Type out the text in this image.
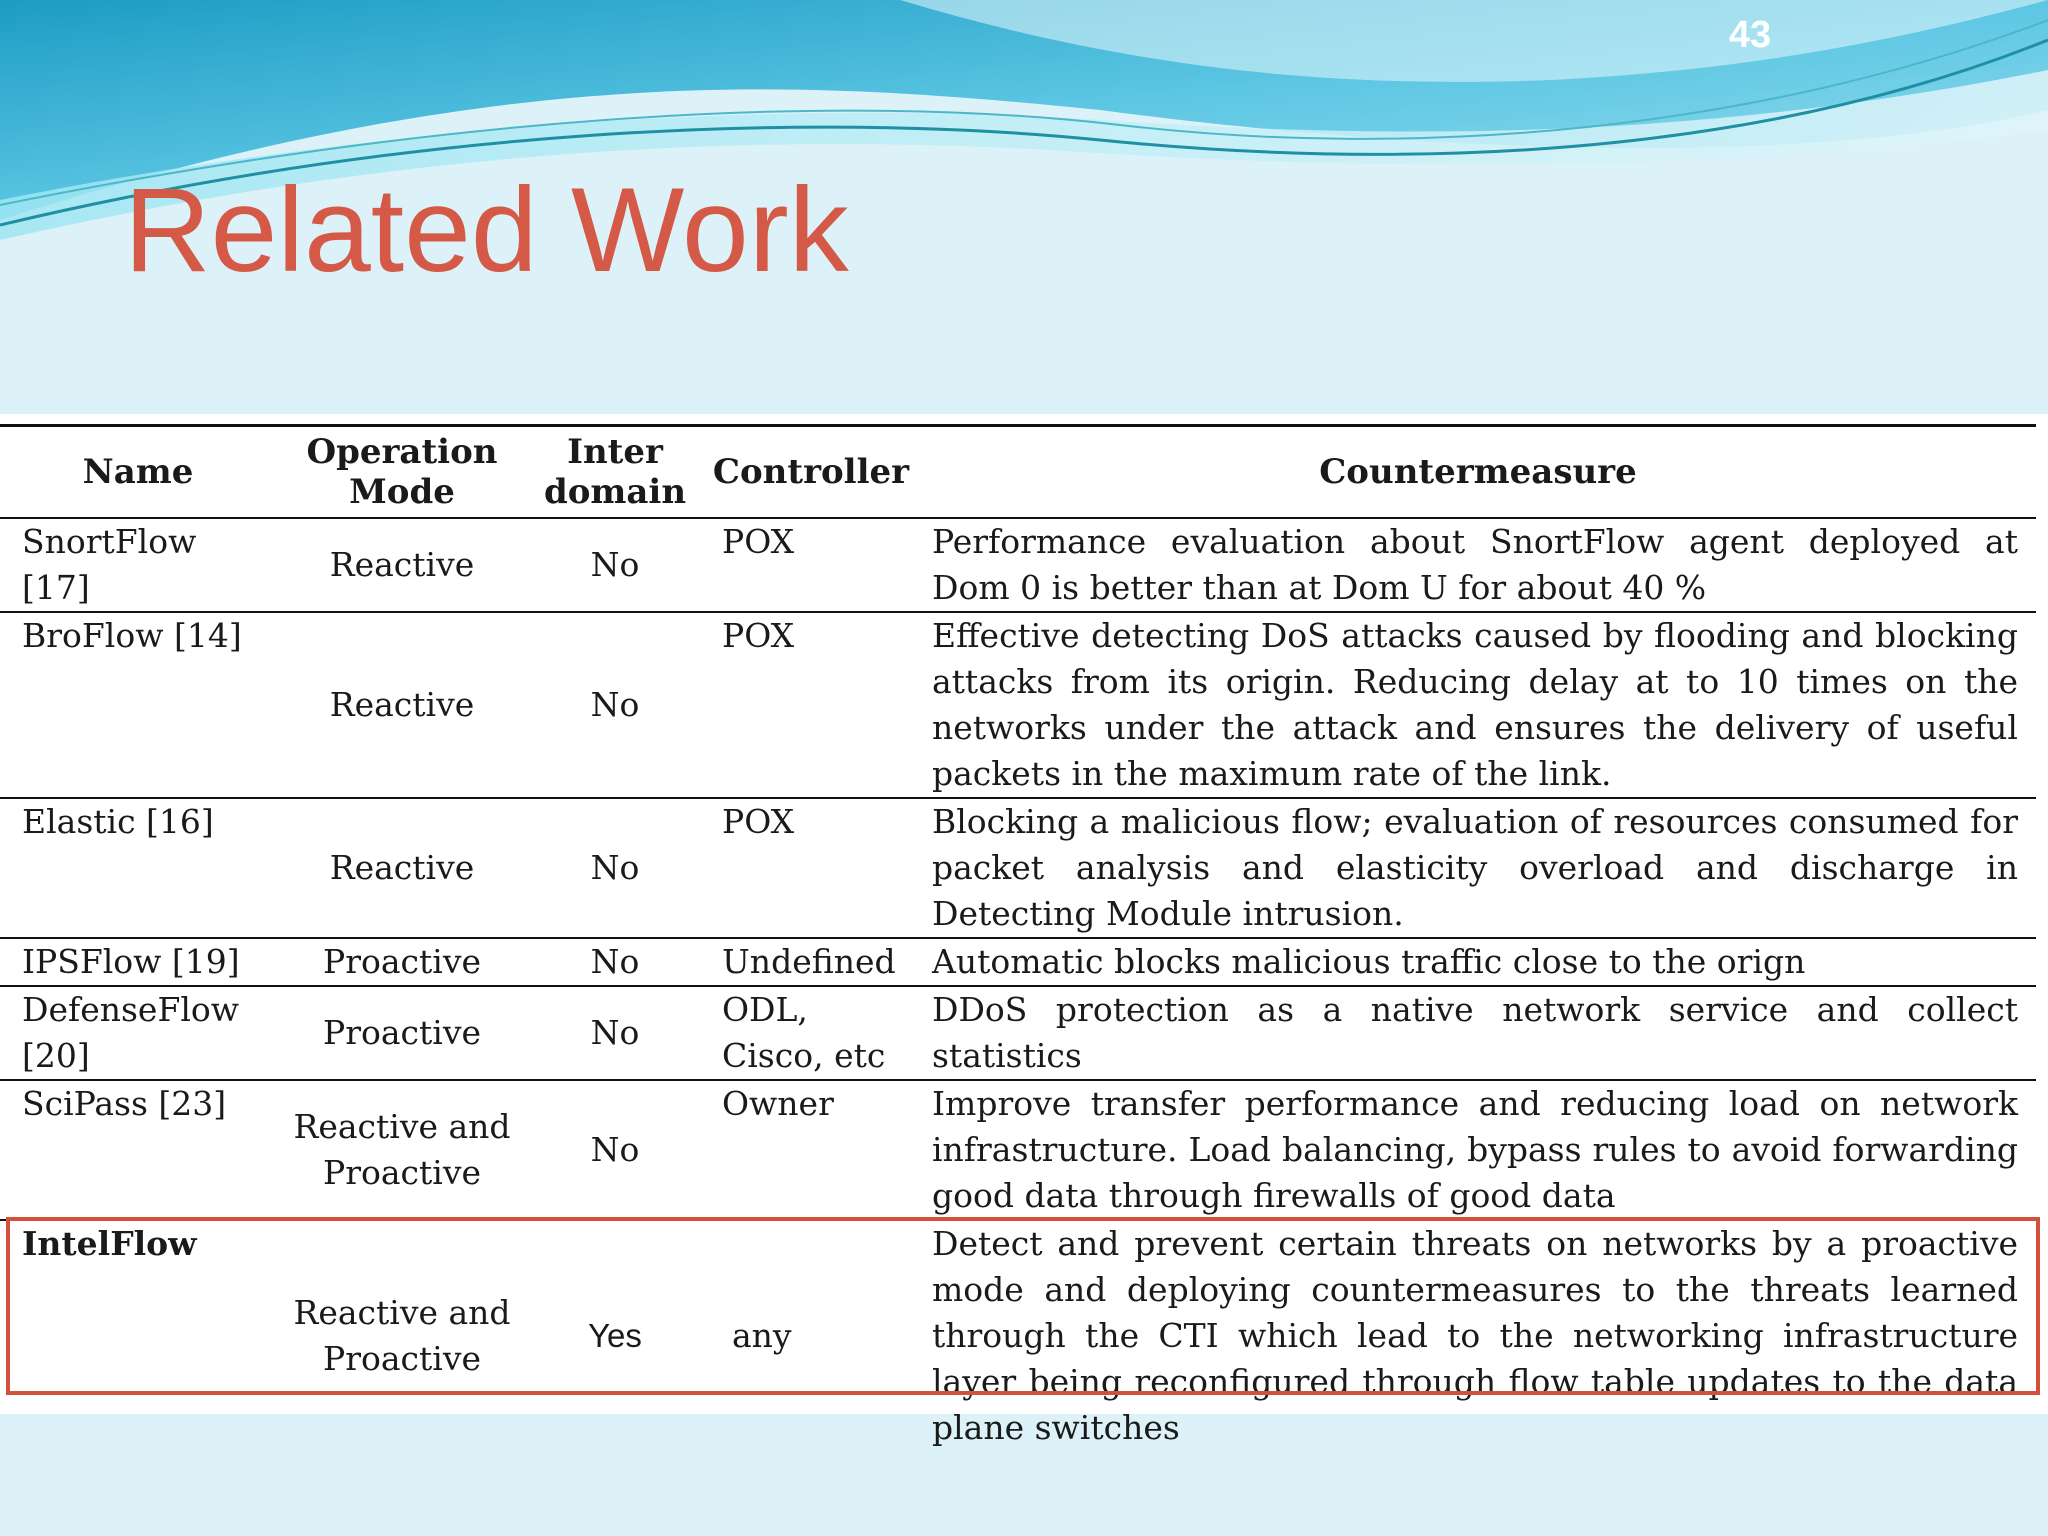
43
Related Work
Name	Operation Mode	Inter domain	Controller	Countermeasure
SnortFlow [17]	Reactive	No	POX	Performance evaluation about SnortFlow agent deployed at Dom 0 is better than at Dom U for about 40 %
BroFlow [14]	Reactive	No	POX	Effective detecting DoS attacks caused by flooding and blocking attacks from its origin. Reducing delay at to 10 times on the networks under the attack and ensures the delivery of useful packets in the maximum rate of the link.
Elastic [16]	Reactive	No	POX	Blocking a malicious flow; evaluation of resources consumed for packet analysis and elasticity overload and discharge in Detecting Module intrusion.
IPSFlow [19]	Proactive	No	Undefined	Automatic blocks malicious traffic close to the orign
DefenseFlow [20]	Proactive	No	ODL, Cisco, etc	DDoS protection as a native network service and collect statistics
SciPass [23]	Reactive and Proactive	No	Owner	Improve transfer performance and reducing load on network infrastructure. Load balancing, bypass rules to avoid forwarding good data through firewalls of good data
IntelFlow	Reactive and Proactive	Yes	any	Detect and prevent certain threats on networks by a proactive mode and deploying countermeasures to the threats learned through the CTI which lead to the networking infrastructure layer being reconfigured through flow table updates to the data plane switches
